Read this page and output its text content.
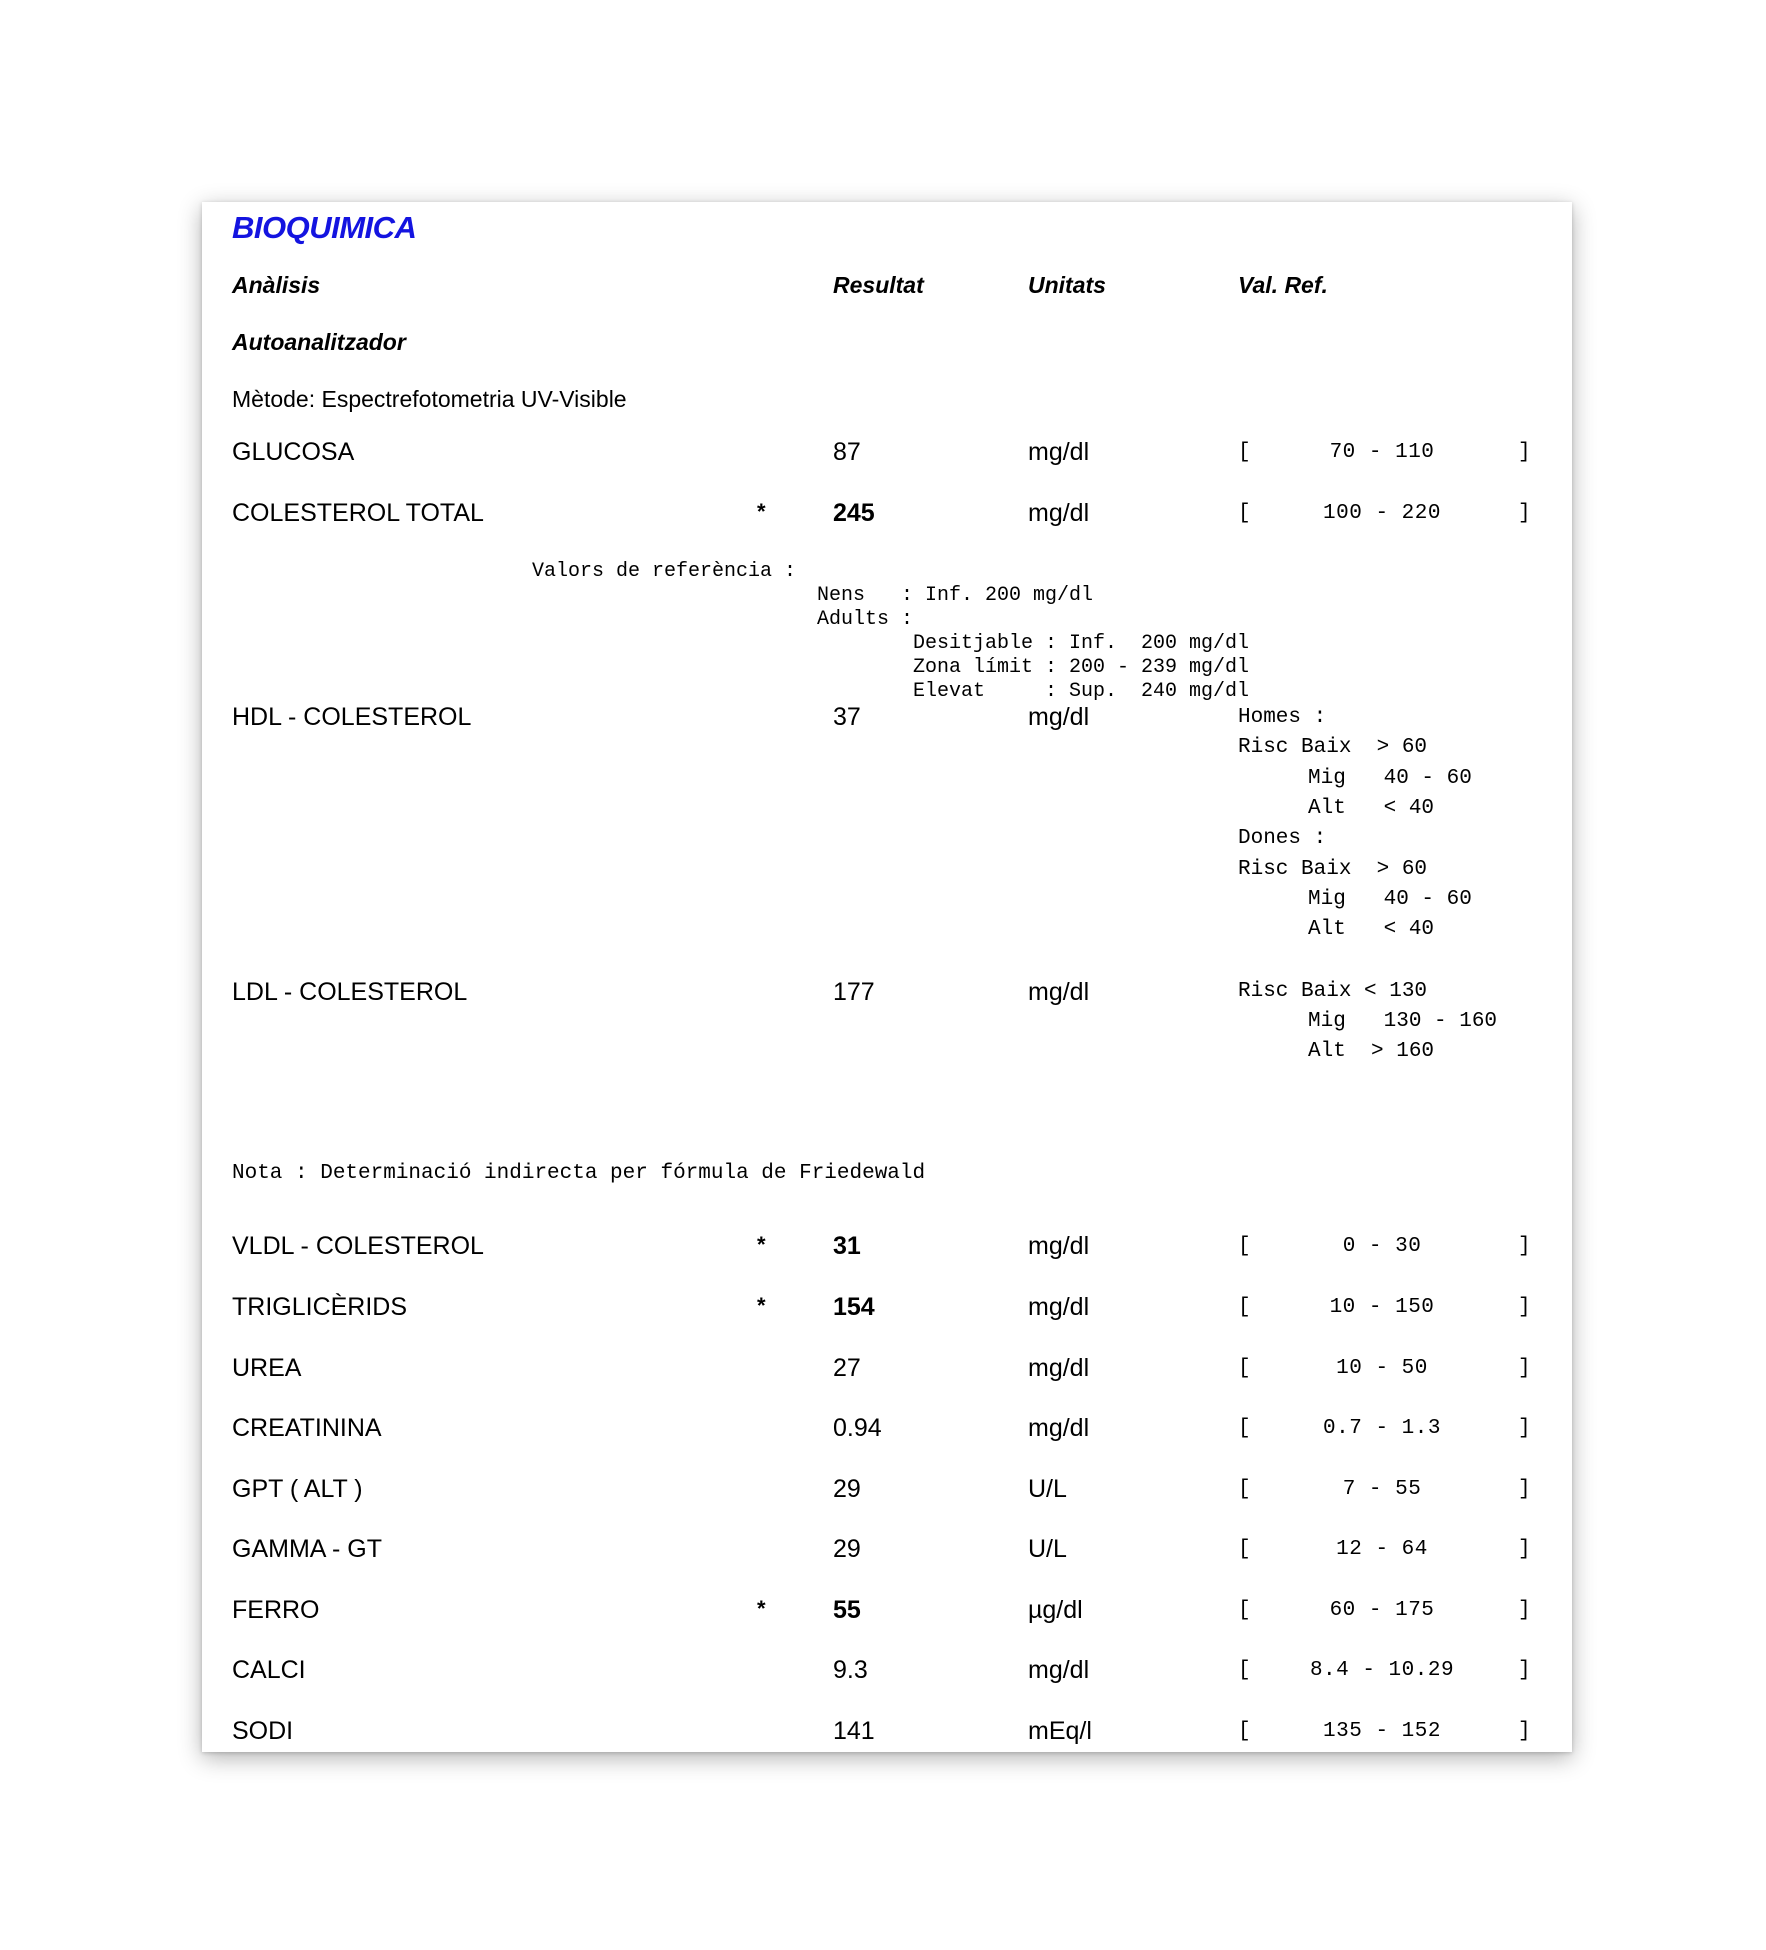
BIOQUIMICA
Anàlisis	Resultat	Unitats	Val. Ref.
Autoanalitzador
Mètode: Espectrefotometria UV-Visible
GLUCOSA	87	mg/dl	[	70 - 110	]
COLESTEROL TOTAL	*	245	mg/dl	[	100 - 220	]
Valors de referència :
Nens   : Inf. 200 mg/dl
Adults :
Desitjable : Inf.  200 mg/dl
Zona límit : 200 - 239 mg/dl
Elevat     : Sup.  240 mg/dl
HDL - COLESTEROL	37	mg/dl	Homes :
Risc Baix  > 60
Mig   40 - 60
Alt   < 40
Dones :
Risc Baix  > 60
Mig   40 - 60
Alt   < 40
LDL - COLESTEROL	177	mg/dl	Risc Baix < 130
Mig   130 - 160
Alt  > 160
Nota : Determinació indirecta per fórmula de Friedewald
VLDL - COLESTEROL	*	31	mg/dl	[	0 - 30	]
TRIGLICÈRIDS	*	154	mg/dl	[	10 - 150	]
UREA	27	mg/dl	[	10 - 50	]
CREATININA	0.94	mg/dl	[	0.7 - 1.3	]
GPT ( ALT )	29	U/L	[	7 - 55	]
GAMMA - GT	29	U/L	[	12 - 64	]
FERRO	*	55	µg/dl	[	60 - 175	]
CALCI	9.3	mg/dl	[	8.4 - 10.29	]
SODI	141	mEq/l	[	135 - 152	]
